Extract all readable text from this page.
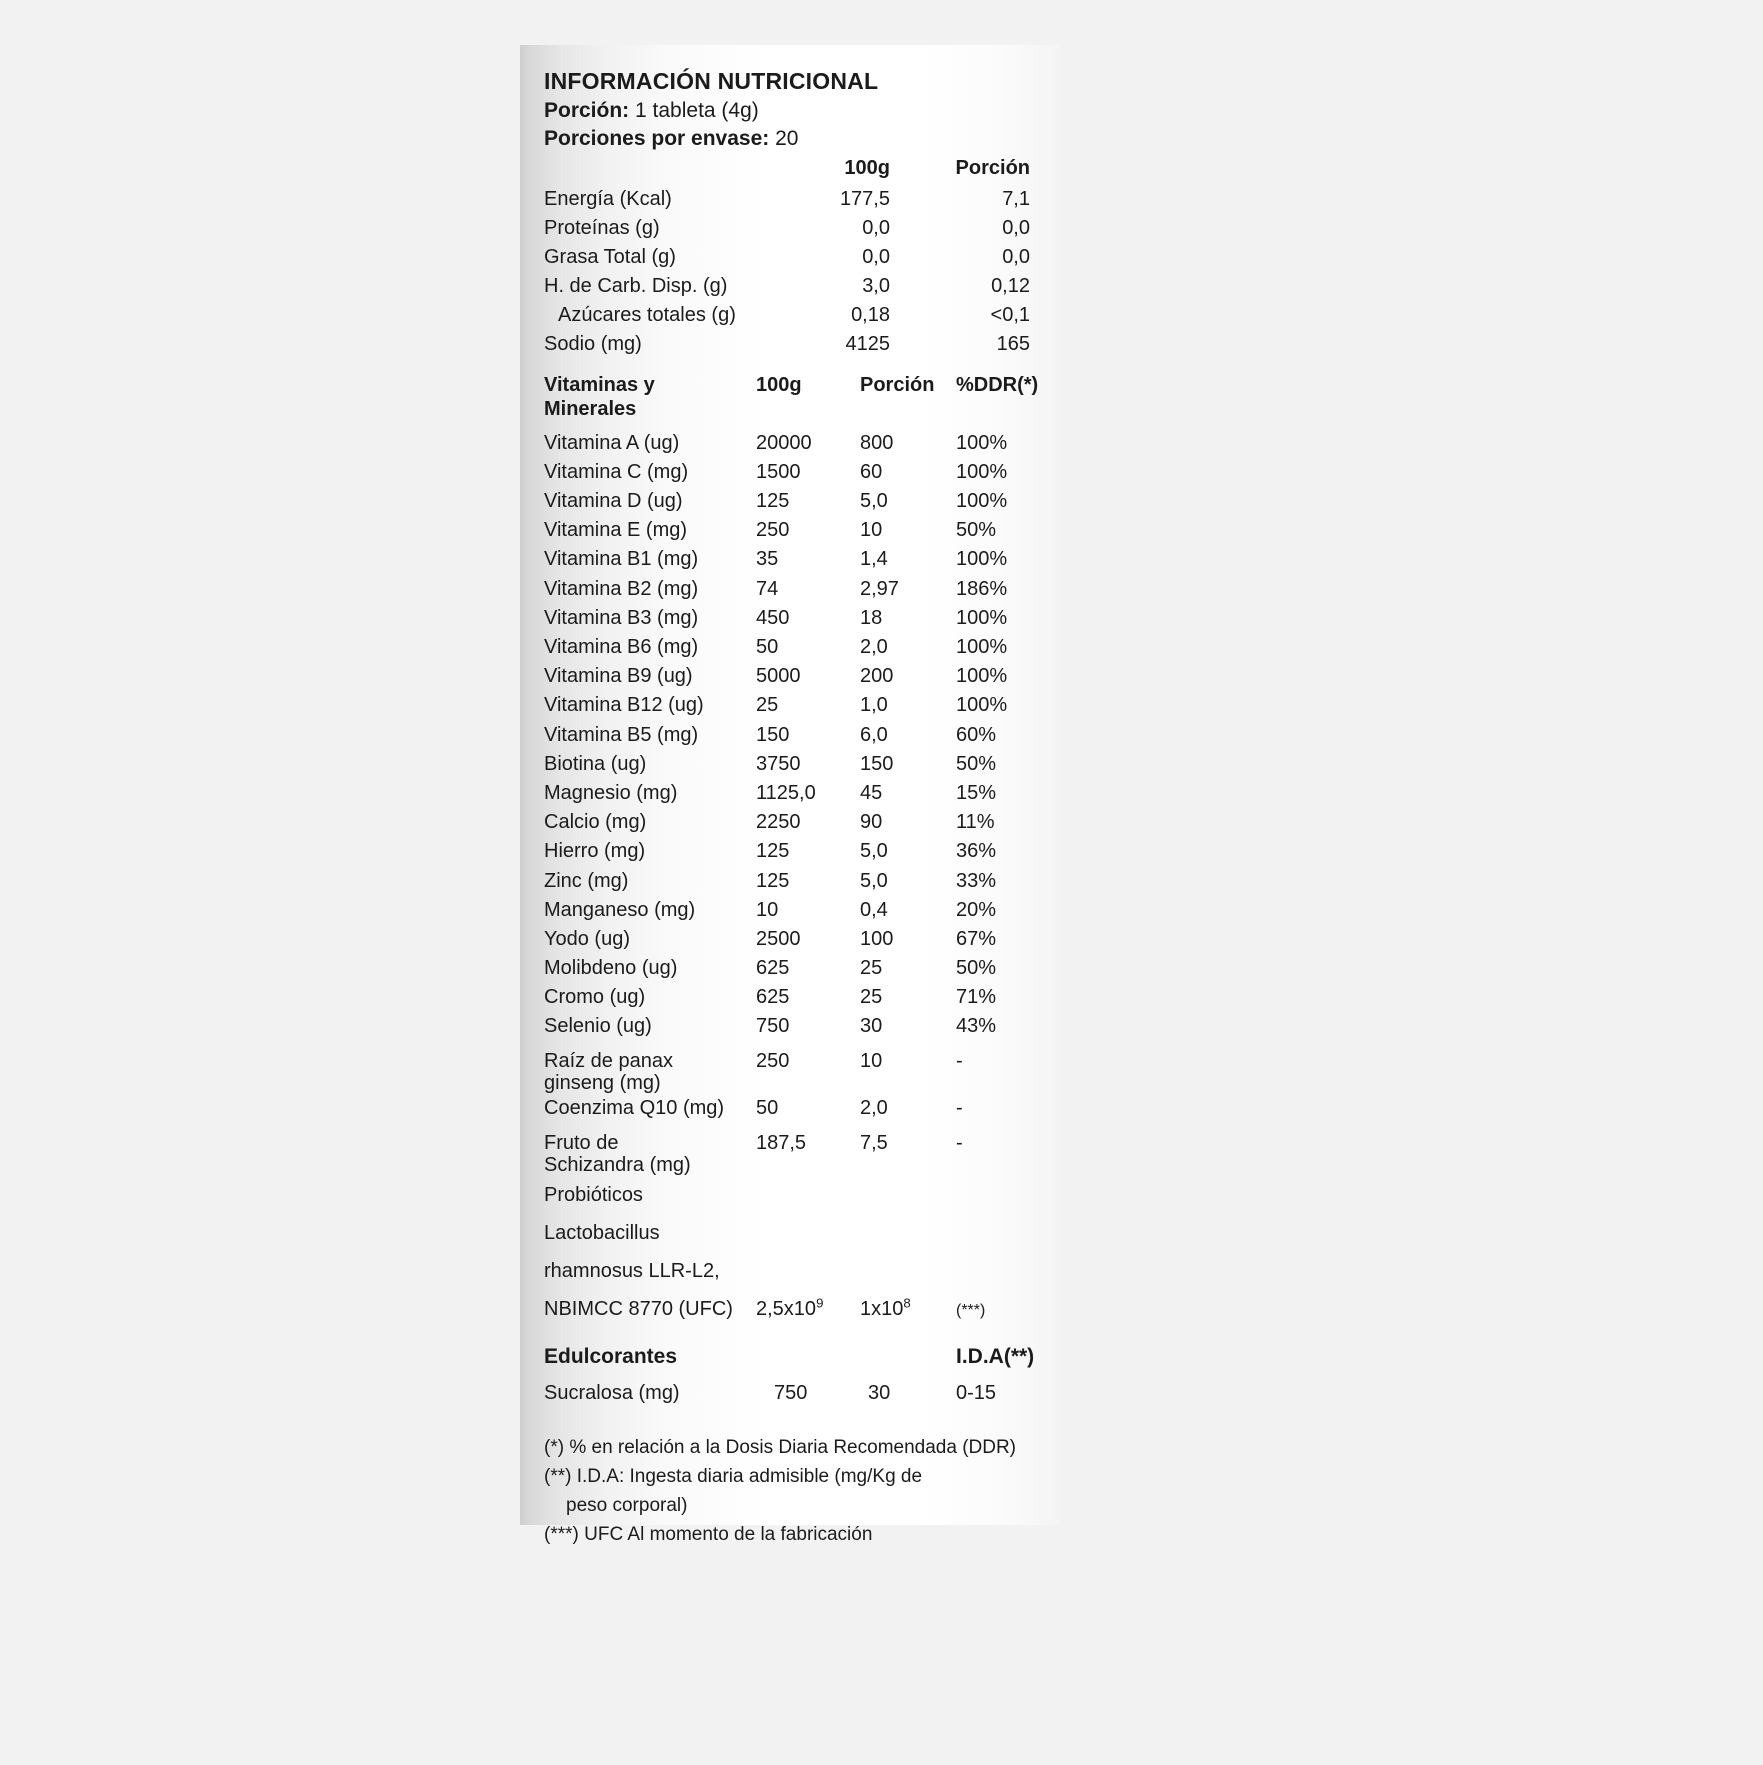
INFORMACIÓN NUTRICIONAL

Porción: 1 tableta (4g)

Porciones por envase: 20

	100g	Porción
Energía (Kcal)	177,5	7,1
Proteínas (g)	0,0	0,0
Grasa Total (g)	0,0	0,0
H. de Carb. Disp. (g)	3,0	0,12
Azúcares totales (g)	0,18	<0,1
Sodio (mg)	4125	165
Vitaminas y
Minerales	100g	Porción	%DDR(*)
Vitamina A (ug)	20000	800	100%
Vitamina C (mg)	1500	60	100%
Vitamina D (ug)	125	5,0	100%
Vitamina E (mg)	250	10	50%
Vitamina B1 (mg)	35	1,4	100%
Vitamina B2 (mg)	74	2,97	186%
Vitamina B3 (mg)	450	18	100%
Vitamina B6 (mg)	50	2,0	100%
Vitamina B9 (ug)	5000	200	100%
Vitamina B12 (ug)	25	1,0	100%
Vitamina B5 (mg)	150	6,0	60%
Biotina (ug)	3750	150	50%
Magnesio (mg)	1125,0	45	15%
Calcio (mg)	2250	90	11%
Hierro (mg)	125	5,0	36%
Zinc (mg)	125	5,0	33%
Manganeso (mg)	10	0,4	20%
Yodo (ug)	2500	100	67%
Molibdeno (ug)	625	25	50%
Cromo (ug)	625	25	71%
Selenio (ug)	750	30	43%

Raíz de panax
ginseng (mg)	250	10	-
Coenzima Q10 (mg)	50	2,0	-

Fruto de
Schizandra (mg)	187,5	7,5	-
Probióticos			
Lactobacillus			
rhamnosus LLR-L2,			
NBIMCC 8770 (UFC)	$2,5x10^9$	$1x10^8$	(***)
Edulcorantes			I.D.A(**)
Sucralosa (mg)	750	30	0-15
(*) % en relación a la Dosis Diaria Recomendada (DDR)
(**) I.D.A: Ingesta diaria admisible (mg/Kg de
peso corporal)
(***) UFC Al momento de la fabricación
